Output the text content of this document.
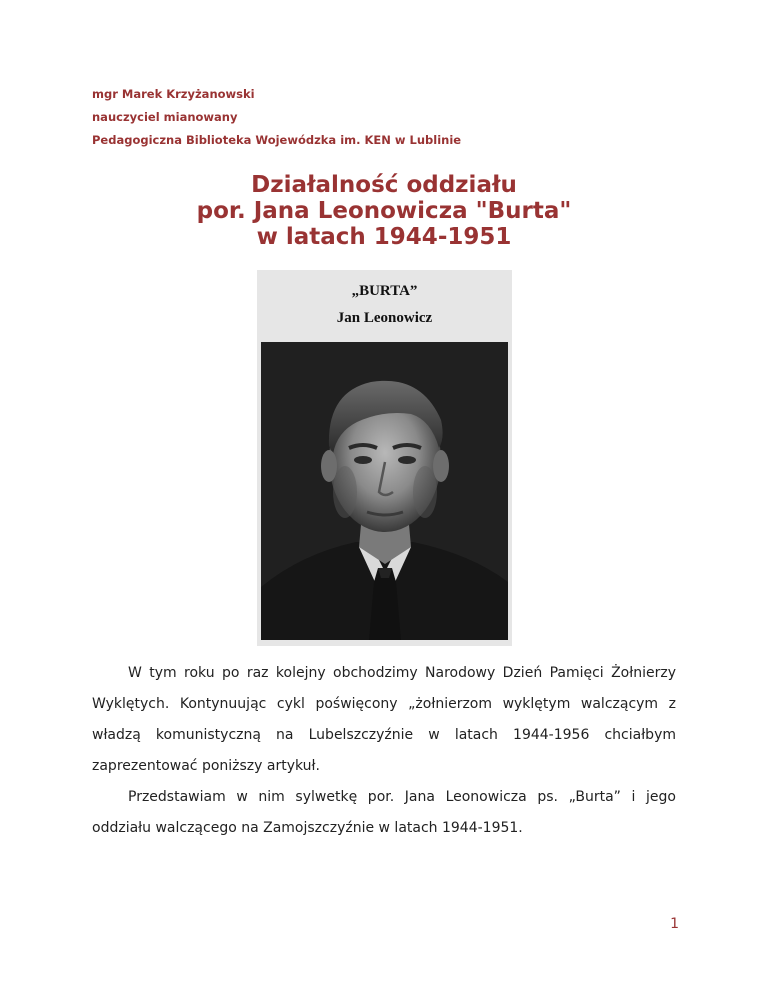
mgr Marek Krzyżanowski

nauczyciel mianowany

Pedagogiczna Biblioteka Wojewódzka im. KEN w Lublinie

Działalność oddziału
por. Jana Leonowicza "Burta"
w latach 1944-1951
„BURTA”
Jan Leonowicz

W tym roku po raz kolejny obchodzimy Narodowy Dzień Pamięci Żołnierzy Wyklętych. Kontynuując cykl poświęcony „żołnierzom wyklętym walczącym z władzą komunistyczną na Lubelszczyźnie w latach 1944-1956 chciałbym zaprezentować poniższy artykuł.

Przedstawiam w nim sylwetkę por. Jana Leonowicza ps. „Burta” i jego oddziału walczącego na Zamojszczyźnie w latach 1944-1951.

1
